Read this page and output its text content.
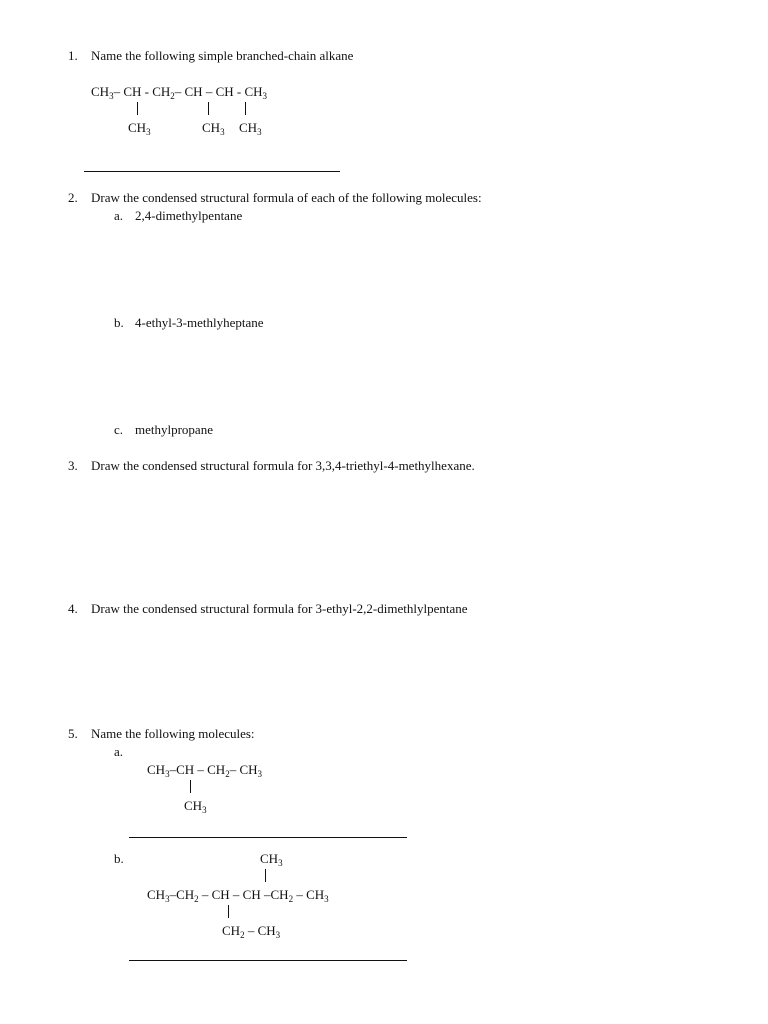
1. Name the following simple branched-chain alkane
$CH_3-$ CH - $CH_2-$ CH – CH - $CH_3$
$CH_3$	$CH_3$ $CH_3$
2. Draw the condensed structural formula of each of the following molecules:
a. 2,4-dimethylpentane
b. 4-ethyl-3-methlyheptane
c. methylpropane
3. Draw the condensed structural formula for 3,3,4-triethyl-4-methylhexane.
4. Draw the condensed structural formula for 3-ethyl-2,2-dimethlylpentane
5. Name the following molecules:
a.
$CH_3-CH - CH_2-$ $CH_3$
$CH_3$
b.	$CH_3$
$CH_3-CH_2$ – CH – CH $-CH_2 - CH_3$
$CH_2 - CH_3$
